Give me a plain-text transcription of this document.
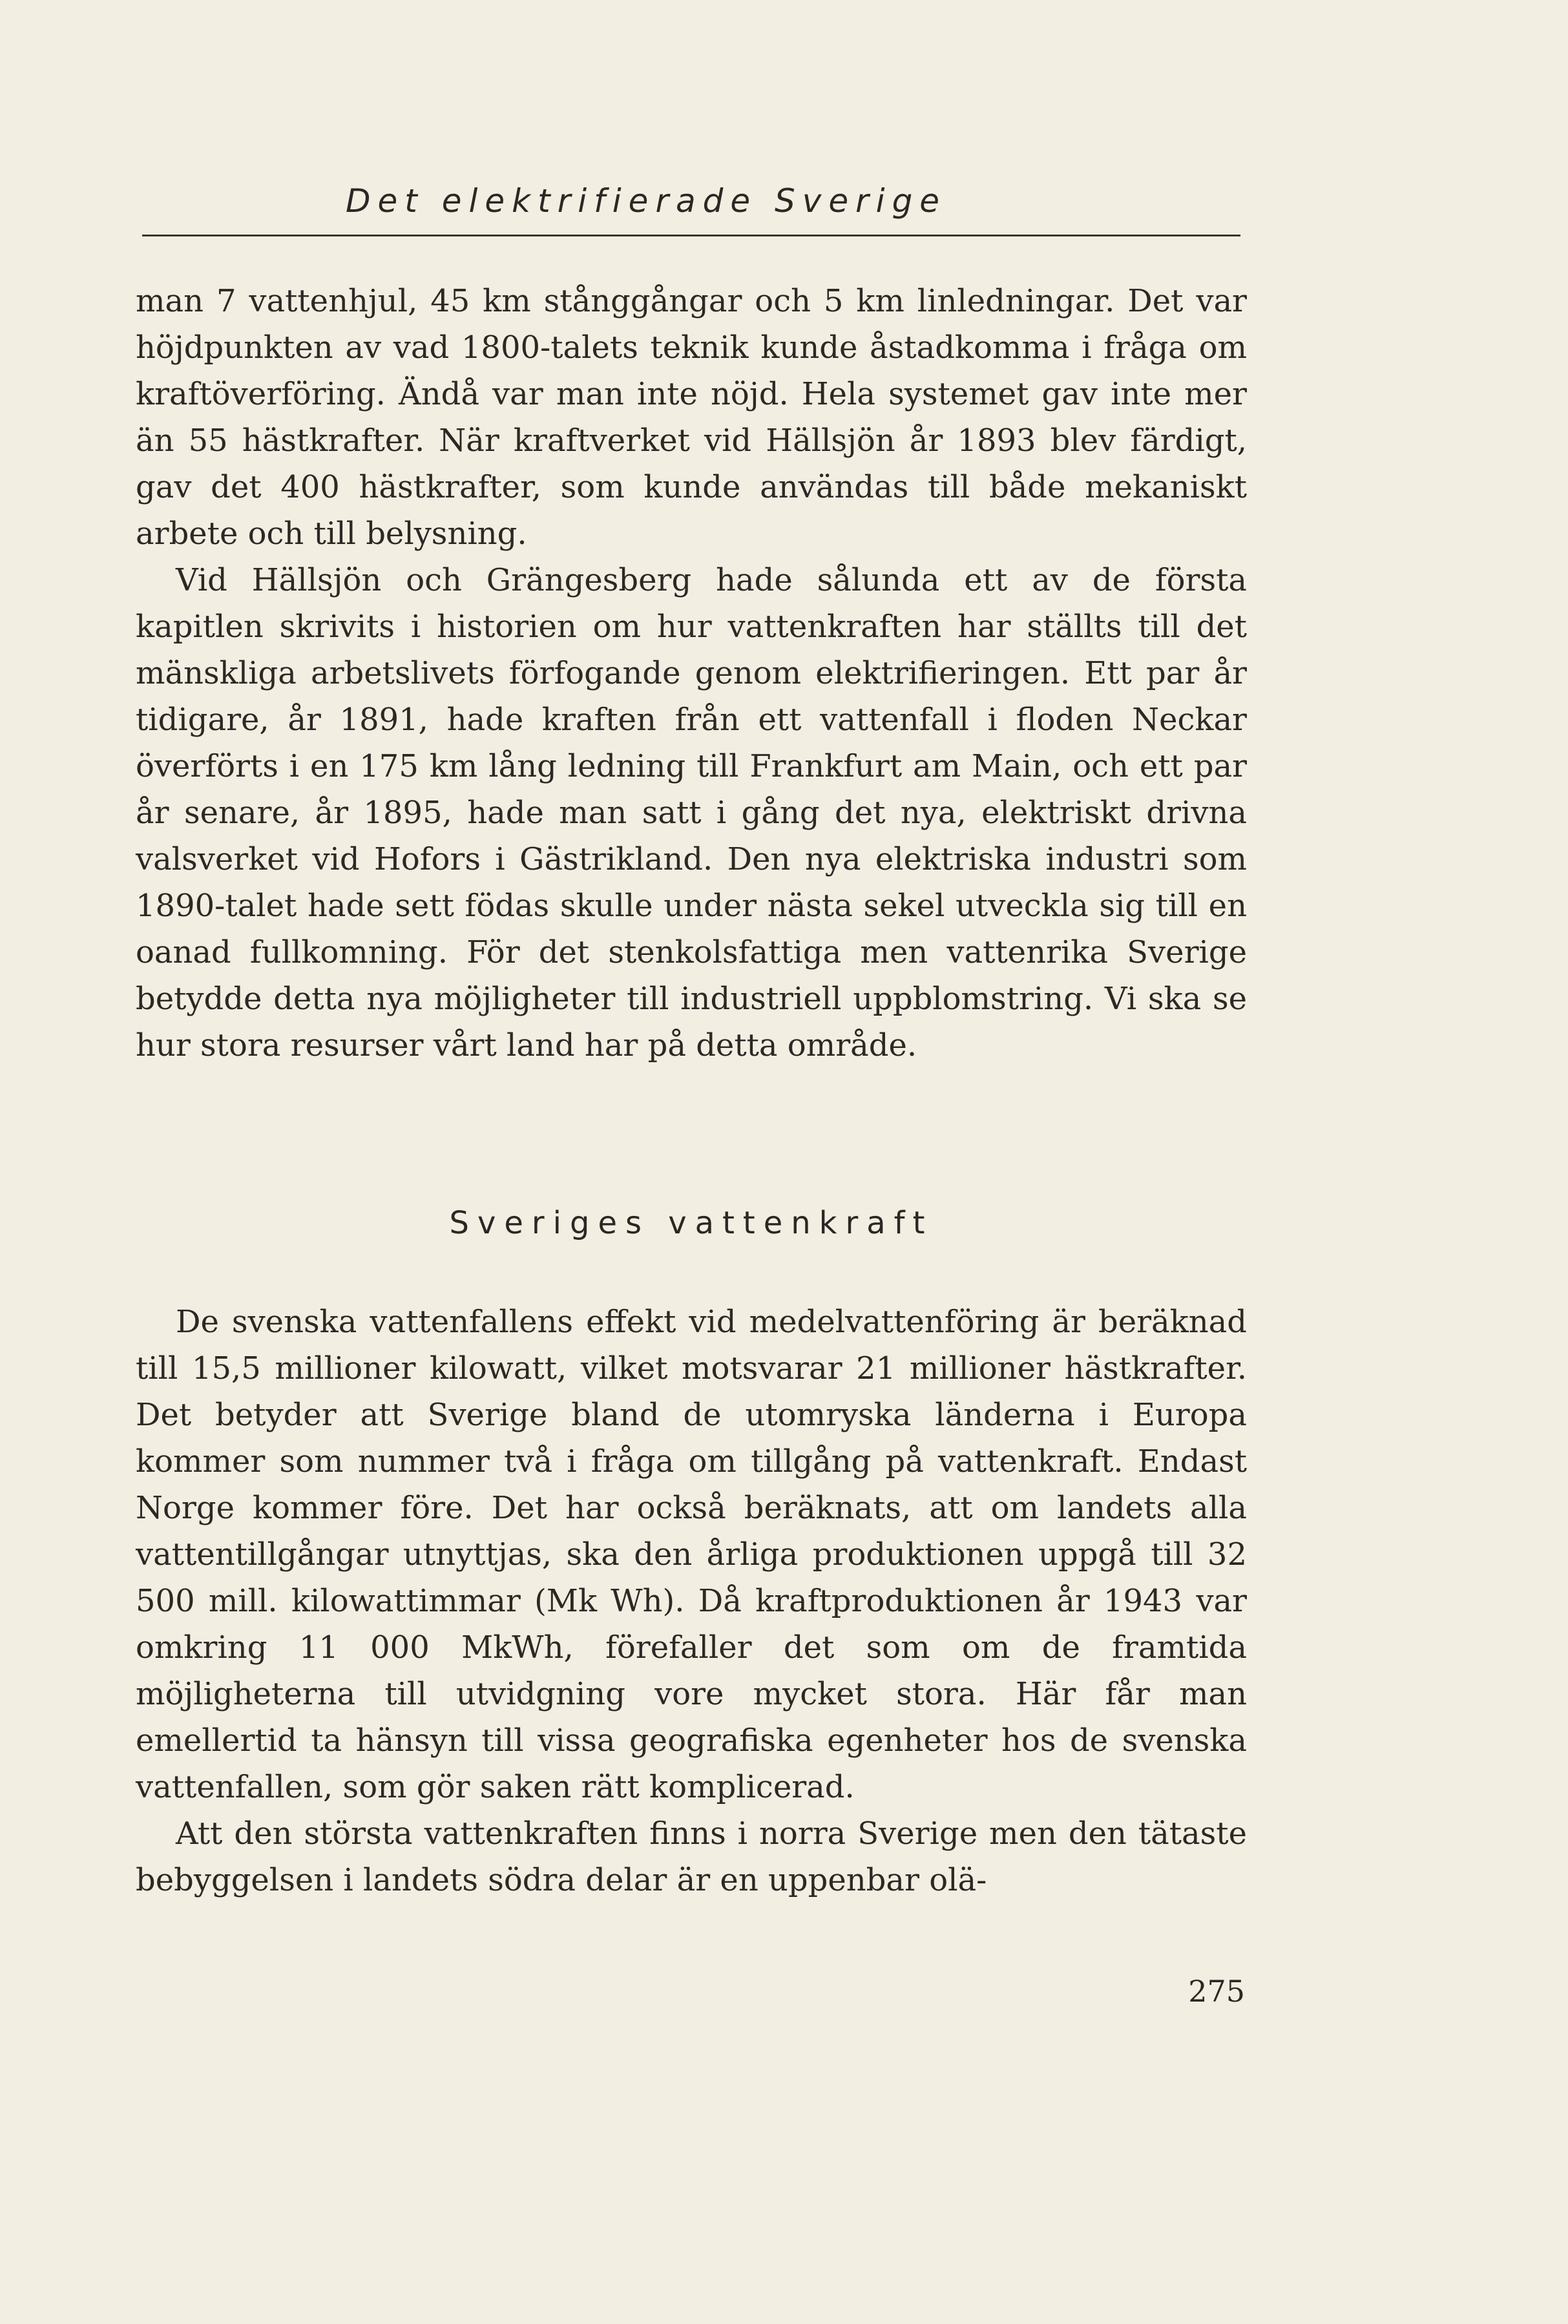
Det elektrifierade Sverige

man 7 vattenhjul, 45 km stånggångar och 5 km linledningar. Det var höjdpunkten av vad 1800-talets teknik kunde åstadkomma i fråga om kraftöverföring. Ändå var man inte nöjd. Hela systemet gav inte mer än 55 hästkrafter. När kraftverket vid Hällsjön år 1893 blev färdigt, gav det 400 hästkrafter, som kunde användas till både mekaniskt arbete och till belysning.

Vid Hällsjön och Grängesberg hade sålunda ett av de första kapitlen skrivits i historien om hur vattenkraften har ställts till det mänskliga arbetslivets förfogande genom elektrifieringen. Ett par år tidigare, år 1891, hade kraften från ett vattenfall i floden Neckar överförts i en 175 km lång ledning till Frankfurt am Main, och ett par år senare, år 1895, hade man satt i gång det nya, elektriskt drivna valsverket vid Hofors i Gästrikland. Den nya elektriska industri som 1890-talet hade sett födas skulle under nästa sekel utveckla sig till en oanad fullkomning. För det stenkolsfattiga men vattenrika Sverige betydde detta nya möjligheter till industriell uppblomstring. Vi ska se hur stora resurser vårt land har på detta område.

Sveriges vattenkraft

De svenska vattenfallens effekt vid medelvattenföring är beräknad till 15,5 millioner kilowatt, vilket motsvarar 21 millioner hästkrafter. Det betyder att Sverige bland de utomryska länderna i Europa kommer som nummer två i fråga om tillgång på vattenkraft. Endast Norge kommer före. Det har också beräknats, att om landets alla vattentillgångar utnyttjas, ska den årliga produktionen uppgå till 32 500 mill. kilowattimmar (Mk Wh). Då kraftproduktionen år 1943 var omkring 11 000 MkWh, förefaller det som om de framtida möjligheterna till utvidgning vore mycket stora. Här får man emellertid ta hänsyn till vissa geografiska egenheter hos de svenska vattenfallen, som gör saken rätt komplicerad.

Att den största vattenkraften finns i norra Sverige men den tätaste bebyggelsen i landets södra delar är en uppenbar olä-

275
